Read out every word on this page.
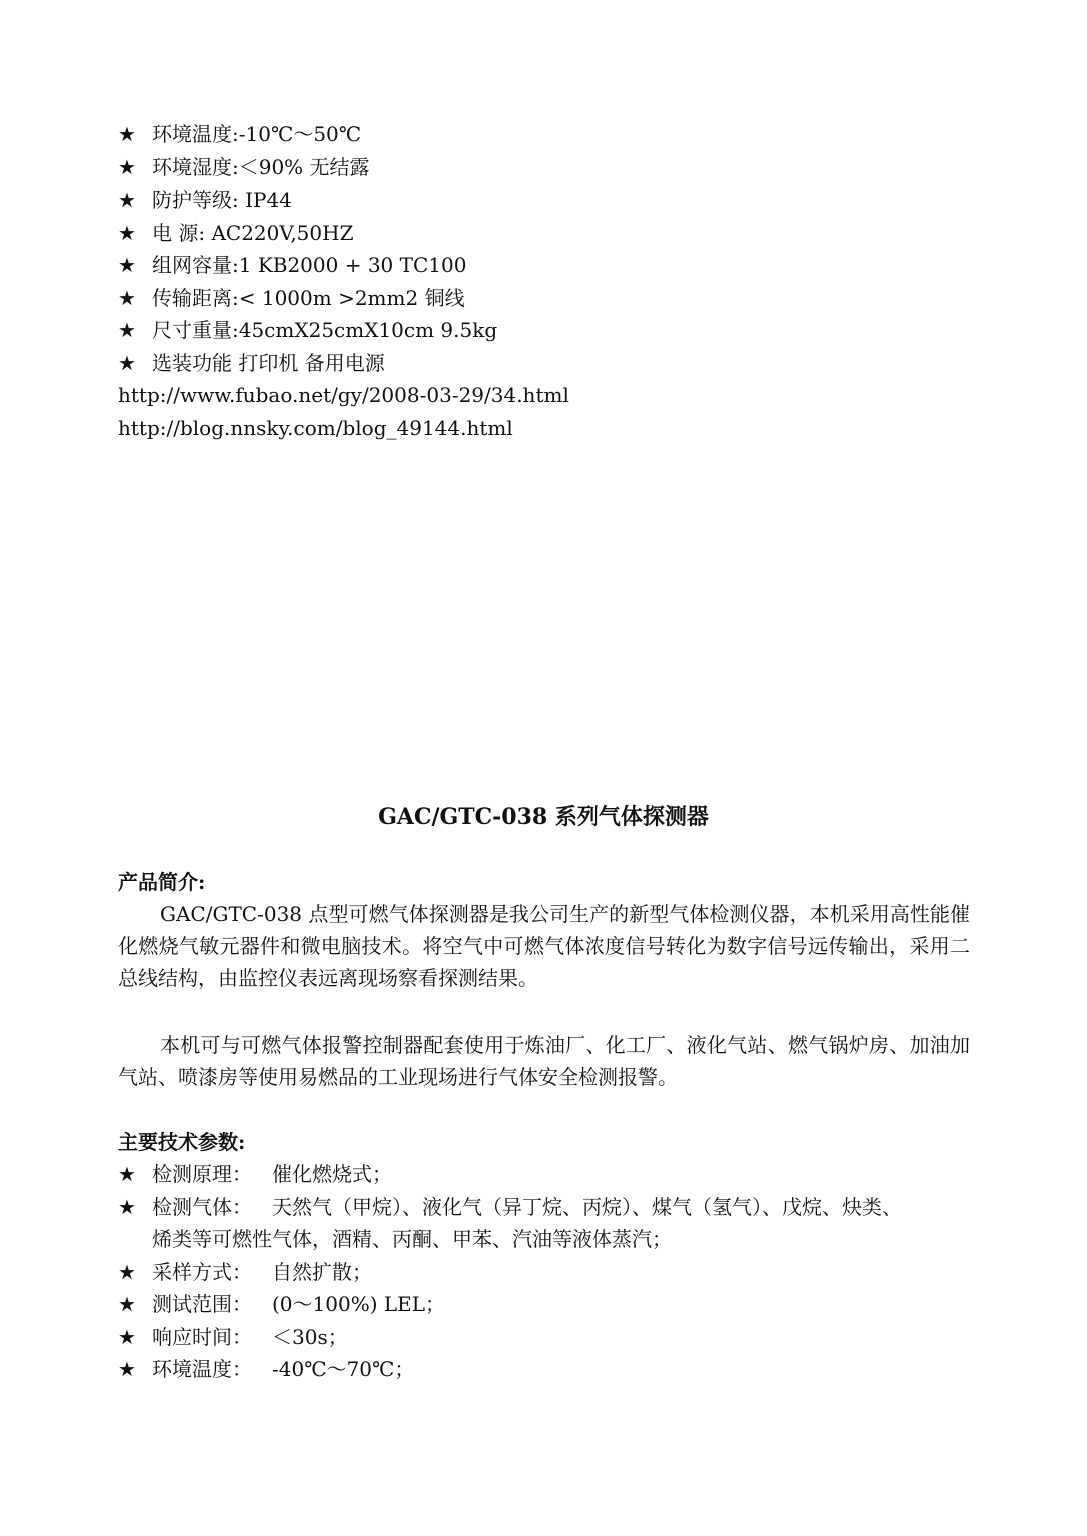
★ 环境温度:-10℃～50℃
★ 环境湿度:＜90% 无结露
★ 防护等级: IP44
★ 电 源: AC220V,50HZ
★ 组网容量:1 KB2000 + 30 TC100
★ 传输距离:< 1000m >2mm2 铜线
★ 尺寸重量:45cmX25cmX10cm 9.5kg
★ 选装功能 打印机 备用电源
http://www.fubao.net/gy/2008-03-29/34.html
http://blog.nnsky.com/blog_49144.html
GAC/GTC-038 系列气体探测器
产品简介:
GAC/GTC-038 点型可燃气体探测器是我公司生产的新型气体检测仪器，本机采用高性能催化燃烧气敏元器件和微电脑技术。将空气中可燃气体浓度信号转化为数字信号远传输出，采用二总线结构，由监控仪表远离现场察看探测结果。
本机可与可燃气体报警控制器配套使用于炼油厂、化工厂、液化气站、燃气锅炉房、加油加气站、喷漆房等使用易燃品的工业现场进行气体安全检测报警。
主要技术参数:
★ 检测原理： 催化燃烧式；
★ 检测气体： 天然气（甲烷）、液化气（异丁烷、丙烷）、煤气（氢气）、戊烷、炔类、
烯类等可燃性气体，酒精、丙酮、甲苯、汽油等液体蒸汽；
★ 采样方式： 自然扩散；
★ 测试范围： (0～100%) LEL；
★ 响应时间： ＜30s；
★ 环境温度： -40℃～70℃；
